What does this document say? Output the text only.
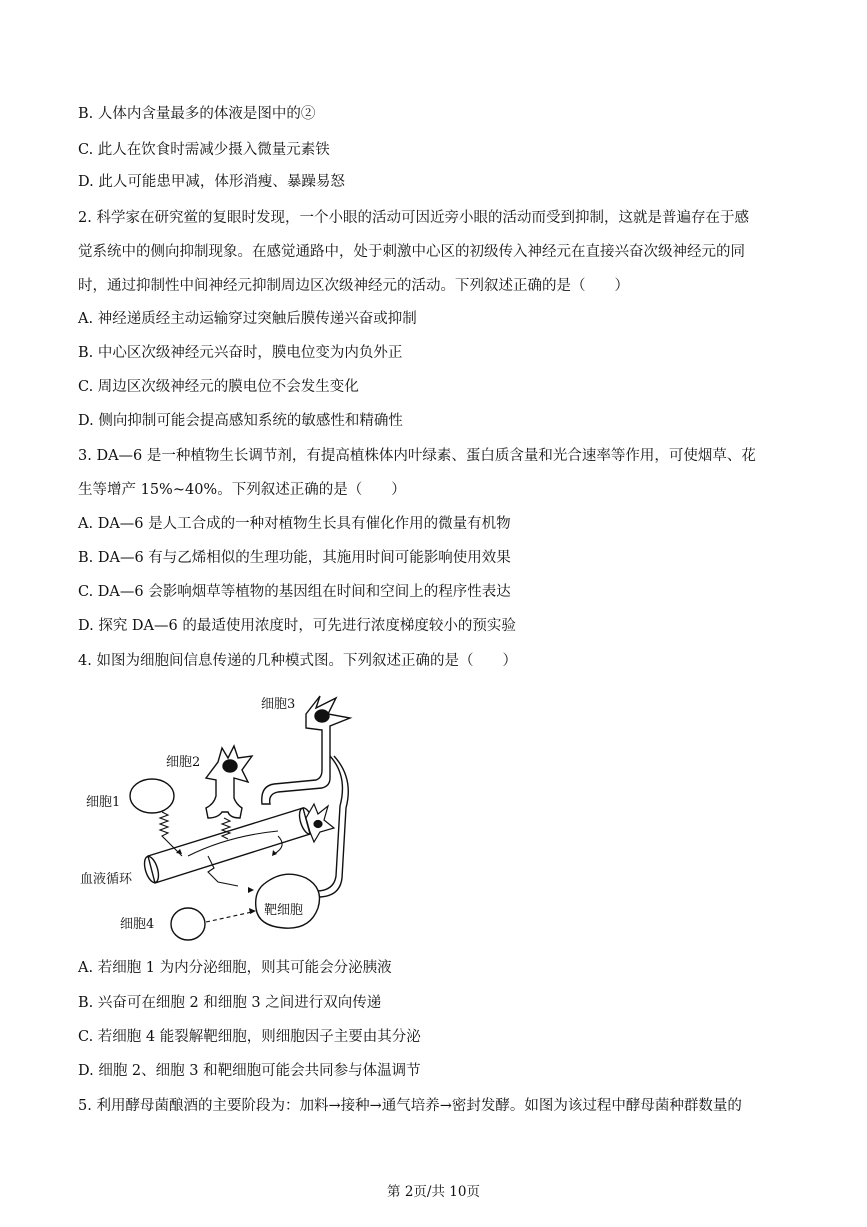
B. 人体内含量最多的体液是图中的②
C. 此人在饮食时需减少摄入微量元素铁
D. 此人可能患甲减，体形消瘦、暴躁易怒
2. 科学家在研究鲎的复眼时发现，一个小眼的活动可因近旁小眼的活动而受到抑制，这就是普遍存在于感
觉系统中的侧向抑制现象。在感觉通路中，处于刺激中心区的初级传入神经元在直接兴奋次级神经元的同
时，通过抑制性中间神经元抑制周边区次级神经元的活动。下列叙述正确的是（　　）
A. 神经递质经主动运输穿过突触后膜传递兴奋或抑制
B. 中心区次级神经元兴奋时，膜电位变为内负外正
C. 周边区次级神经元的膜电位不会发生变化
D. 侧向抑制可能会提高感知系统的敏感性和精确性
3. DA—6 是一种植物生长调节剂，有提高植株体内叶绿素、蛋白质含量和光合速率等作用，可使烟草、花
生等增产 15%~40%。下列叙述正确的是（　　）
A. DA—6 是人工合成的一种对植物生长具有催化作用的微量有机物
B. DA—6 有与乙烯相似的生理功能，其施用时间可能影响使用效果
C. DA—6 会影响烟草等植物的基因组在时间和空间上的程序性表达
D. 探究 DA—6 的最适使用浓度时，可先进行浓度梯度较小的预实验
4. 如图为细胞间信息传递的几种模式图。下列叙述正确的是（　　）
细胞3
细胞2
细胞1
血液循环
靶细胞
细胞4
A. 若细胞 1 为内分泌细胞，则其可能会分泌胰液
B. 兴奋可在细胞 2 和细胞 3 之间进行双向传递
C. 若细胞 4 能裂解靶细胞，则细胞因子主要由其分泌
D. 细胞 2、细胞 3 和靶细胞可能会共同参与体温调节
5. 利用酵母菌酿酒的主要阶段为：加料→接种→通气培养→密封发酵。如图为该过程中酵母菌种群数量的
第 2页/共 10页
